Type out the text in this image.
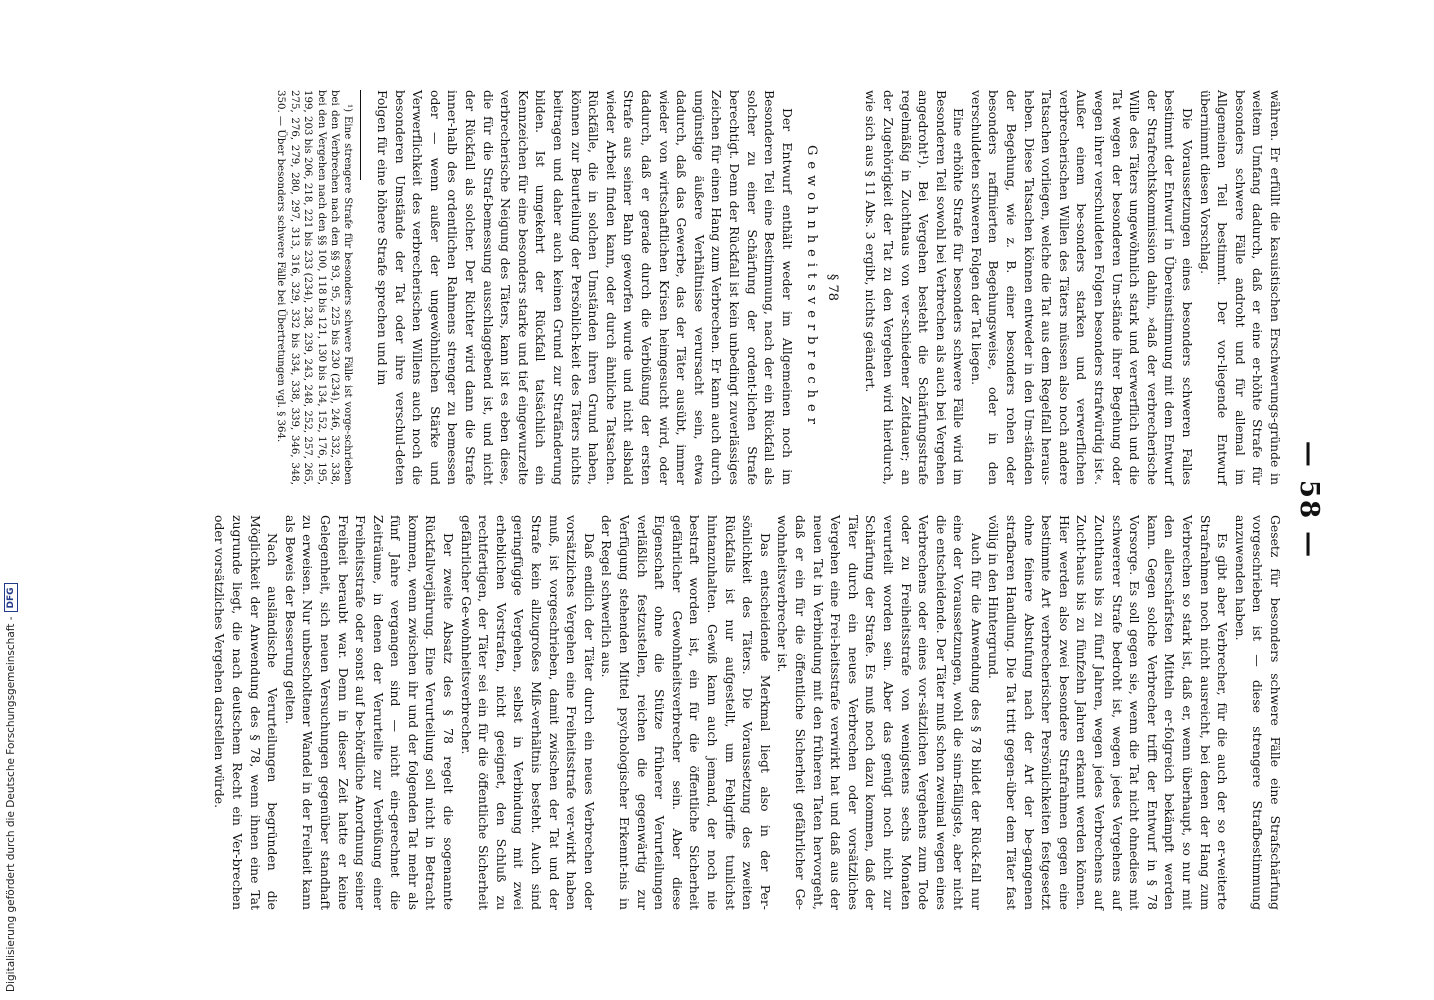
— 58 —

währen. Er erfüllt die kasuistischen Erschwerungs-gründe in weitem Umfang dadurch, daß er eine er-höhte Strafe für besonders schwere Fälle androht und für allemal im Allgemeinen Teil bestimmt. Der vor-liegende Entwurf übernimmt diesen Vorschlag.

Die Voraussetzungen eines besonders schweren Falles bestimmt der Entwurf in Übereinstimmung mit dem Entwurf der Strafrechtskommission dahin, »daß der verbrecherische Wille des Täters ungewöhnlich stark und verwerflich und die Tat wegen der besonderen Um-stände ihrer Begehung oder wegen ihrer verschuldeten Folgen besonders strafwürdig ist«. Außer einem be-sonders starken und verwerflichen verbrecherischen Willen des Täters müssen also noch andere Tatsachen vorliegen, welche die Tat aus dem Regelfall heraus-heben. Diese Tatsachen können entweder in den Um-ständen der Begehung, wie z. B. einer besonders rohen oder besonders raffinierten Begehungsweise, oder in den verschuldeten schweren Folgen der Tat liegen.

Eine erhöhte Strafe für besonders schwere Fälle wird im Besonderen Teil sowohl bei Verbrechen als auch bei Vergehen angedroht¹). Bei Vergehen besteht die Schärfungsstrafe regelmäßig in Zuchthaus von ver-schiedener Zeitdauer; an der Zugehörigkeit der Tat zu den Vergehen wird hierdurch, wie sich aus § 11 Abs. 3 ergibt, nichts geändert.

§ 78
Gewohnheitsverbrecher

Der Entwurf enthält weder im Allgemeinen noch im Besonderen Teil eine Bestimmung, nach der ein Rückfall als solcher zu einer Schärfung der ordent-lichen Strafe berechtigt. Denn der Rückfall ist kein unbedingt zuverlässiges Zeichen für einen Hang zum Verbrechen. Er kann auch durch ungünstige äußere Verhältnisse verursacht sein, etwa dadurch, daß das Gewerbe, das der Täter ausübt, immer wieder von wirtschaftlichen Krisen heimgesucht wird, oder dadurch, daß er gerade durch die Verbüßung der ersten Strafe aus seiner Bahn geworfen wurde und nicht alsbald wieder Arbeit finden kann, oder durch ähnliche Tatsachen. Rückfälle, die in solchen Umständen ihren Grund haben, können zur Beurteilung der Persönlich-keit des Täters nichts beitragen und daher auch keinen Grund zur Strafänderung bilden. Ist umgekehrt der Rückfall tatsächlich ein Kennzeichen für eine besonders starke und tief eingewurzelte verbrecherische Neigung des Täters, kann ist es eben diese, die für die Straf-bemessung ausschlaggebend ist, und nicht der Rückfall als solcher. Der Richter wird dann die Strafe inner-halb des ordentlichen Rahmens strenger zu bemessen oder — wenn außer der ungewöhnlichen Stärke und Verwerflichkeit des verbrecherischen Willens auch noch die besonderen Umstände der Tat oder ihre verschul-deten Folgen für eine höhere Strafe sprechen und im

¹) Eine strengere Strafe für besonders schwere Fälle ist vorge-schrieben bei den Verbrechen nach den §§ 93, 95, 225 bis 230 (234), 246, 332, 338, bei den Vergehen nach den §§ 100, 118 bis 121, 130 bis 134, 152, 176, 195, 199, 203 bis 206, 218, 221 bis 233 (234), 238, 239, 243, 248, 252, 257, 265, 275, 276, 279, 280, 297, 313, 316, 329, 332 bis 334, 338, 339, 346, 348, 350. — Über besonders schwere Fälle bei Übertretungen vgl. § 364.

Gesetz für besonders schwere Fälle eine Strafschärfung vorgeschrieben ist — diese strengere Strafbestimmung anzuwenden haben.

Es gibt aber Verbrecher, für die auch der so er-weiterte Strafrahmen noch nicht ausreicht, bei denen der Hang zum Verbrechen so stark ist, daß er, wenn überhaupt, so nur mit den allerschärfsten Mitteln er-folgreich bekämpft werden kann. Gegen solche Verbrecher trifft der Entwurf in § 78 Vorsorge. Es soll gegen sie, wenn die Tat nicht ohnedies mit schwererer Strafe bedroht ist, wegen jedes Vergehens auf Zuchthaus bis zu fünf Jahren, wegen jedes Verbrechens auf Zucht-haus bis zu fünfzehn Jahren erkannt werden können. Hier werden also zwei besondere Strafrahmen gegen eine bestimmte Art verbrecherischer Persönlichkeiten festgesetzt ohne feinere Abstufung nach der Art der be-gangenen strafbaren Handlung. Die Tat tritt gegen-über dem Täter fast völlig in den Hintergrund.

Auch für die Anwendung des § 78 bildet der Rück-fall nur eine der Voraussetzungen, wohl die sinn-fälligste, aber nicht die entscheidende. Der Täter muß schon zweimal wegen eines Verbrechens oder eines vor-sätzlichen Vergehens zum Tode oder zu Freiheitsstrafe von wenigstens sechs Monaten verurteilt worden sein. Aber das genügt noch nicht zur Schärfung der Strafe. Es muß noch dazu kommen, daß der Täter durch ein neues Verbrechen oder vorsätzliches Vergehen eine Frei-heitsstrafe verwirkt hat und daß aus der neuen Tat in Verbindung mit den früheren Taten hervorgeht, daß er ein für die öffentliche Sicherheit gefährlicher Ge-wohnheitsverbrecher ist.

Das entscheidende Merkmal liegt also in der Per-sönlichkeit des Täters. Die Voraussetzung des zweiten Rückfalls ist nur aufgestellt, um Fehlgriffe tunlichst hintanzuhalten. Gewiß kann auch jemand, der noch nie bestraft worden ist, ein für die öffentliche Sicherheit gefährlicher Gewohnheitsverbrecher sein. Aber diese Eigenschaft ohne die Stütze früherer Verurteilungen verläßlich festzustellen, reichen die gegenwärtig zur Verfügung stehenden Mittel psychologischer Erkennt-nis in der Regel schwerlich aus.

Daß endlich der Täter durch ein neues Verbrechen oder vorsätzliches Vergehen eine Freiheitsstrafe ver-wirkt haben muß, ist vorgeschrieben, damit zwischen der Tat und der Strafe kein allzugroßes Miß-verhältnis besteht. Auch sind geringfügige Vergehen, selbst in Verbindung mit zwei erheblichen Vorstrafen, nicht geeignet, den Schluß zu rechtfertigen, der Täter sei ein für die öffentliche Sicherheit gefährlicher Ge-wohnheitsverbrecher.

Der zweite Absatz des § 78 regelt die sogenannte Rückfallverjährung. Eine Verurteilung soll nicht in Betracht kommen, wenn zwischen ihr und der folgenden Tat mehr als fünf Jahre vergangen sind — nicht ein-gerechnet die Zeiträume, in denen der Verurteilte zur Verbüßung einer Freiheitsstrafe oder sonst auf be-hördliche Anordnung seiner Freiheit beraubt war. Denn in dieser Zeit hatte er keine Gelegenheit, sich neuen Versuchungen gegenüber standhaft zu erweisen. Nur unbescholtener Wandel in der Freiheit kann als Beweis der Besserung gelten.

Nach ausländische Verurteilungen begründen die Möglichkeit der Anwendung des § 78, wenn ihnen eine Tat zugrunde liegt, die nach deutschem Recht ein Ver-brechen oder vorsätzliches Vergehen darstellen würde.

Digitalisierung gefördert durch die Deutsche Forschungsgemeinschaft -
DFG
